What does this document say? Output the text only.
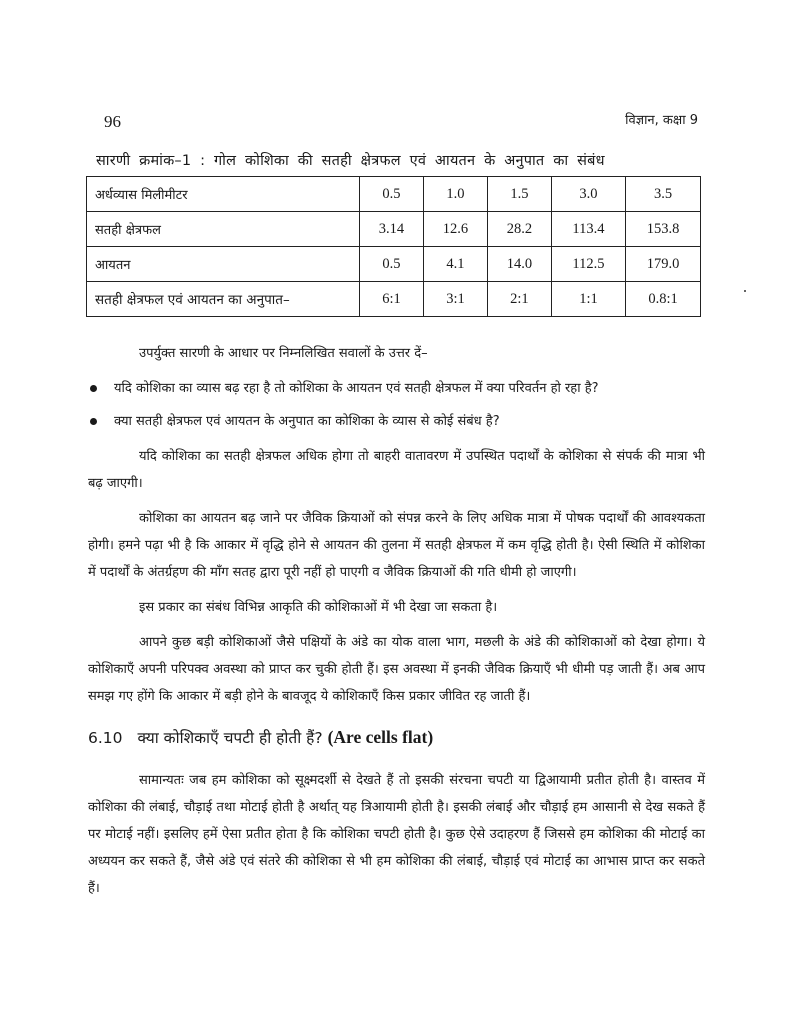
96	विज्ञान, कक्षा 9
सारणी क्रमांक–1 : गोल कोशिका की सतही क्षेत्रफल एवं आयतन के अनुपात का संबंध
अर्धव्यास मिलीमीटर	0.5	1.0	1.5	3.0	3.5
सतही क्षेत्रफल	3.14	12.6	28.2	113.4	153.8
आयतन	0.5	4.1	14.0	112.5	179.0
सतही क्षेत्रफल एवं आयतन का अनुपात–	6:1	3:1	2:1	1:1	0.8:1

उपर्युक्त सारणी के आधार पर निम्नलिखित सवालों के उत्तर दें–

यदि कोशिका का व्यास बढ़ रहा है तो कोशिका के आयतन एवं सतही क्षेत्रफल में क्या परिवर्तन हो रहा है?
क्या सतही क्षेत्रफल एवं आयतन के अनुपात का कोशिका के व्यास से कोई संबंध है?

यदि कोशिका का सतही क्षेत्रफल अधिक होगा तो बाहरी वातावरण में उपस्थित पदार्थों के कोशिका से संपर्क की मात्रा भी बढ़ जाएगी।

कोशिका का आयतन बढ़ जाने पर जैविक क्रियाओं को संपन्न करने के लिए अधिक मात्रा में पोषक पदार्थों की आवश्यकता होगी। हमने पढ़ा भी है कि आकार में वृद्धि होने से आयतन की तुलना में सतही क्षेत्रफल में कम वृद्धि होती है। ऐसी स्थिति में कोशिका में पदार्थों के अंतर्ग्रहण की माँग सतह द्वारा पूरी नहीं हो पाएगी व जैविक क्रियाओं की गति धीमी हो जाएगी।

इस प्रकार का संबंध विभिन्न आकृति की कोशिकाओं में भी देखा जा सकता है।

आपने कुछ बड़ी कोशिकाओं जैसे पक्षियों के अंडे का योक वाला भाग, मछली के अंडे की कोशिकाओं को देखा होगा। ये कोशिकाएँ अपनी परिपक्व अवस्था को प्राप्त कर चुकी होती हैं। इस अवस्था में इनकी जैविक क्रियाएँ भी धीमी पड़ जाती हैं। अब आप समझ गए होंगे कि आकार में बड़ी होने के बावजूद ये कोशिकाएँ किस प्रकार जीवित रह जाती हैं।

6.10 क्या कोशिकाएँ चपटी ही होती हैं? (Are cells flat)

सामान्यतः जब हम कोशिका को सूक्ष्मदर्शी से देखते हैं तो इसकी संरचना चपटी या द्विआयामी प्रतीत होती है। वास्तव में कोशिका की लंबाई, चौड़ाई तथा मोटाई होती है अर्थात् यह त्रिआयामी होती है। इसकी लंबाई और चौड़ाई हम आसानी से देख सकते हैं पर मोटाई नहीं। इसलिए हमें ऐसा प्रतीत होता है कि कोशिका चपटी होती है। कुछ ऐसे उदाहरण हैं जिससे हम कोशिका की मोटाई का अध्ययन कर सकते हैं, जैसे अंडे एवं संतरे की कोशिका से भी हम कोशिका की लंबाई, चौड़ाई एवं मोटाई का आभास प्राप्त कर सकते हैं।
